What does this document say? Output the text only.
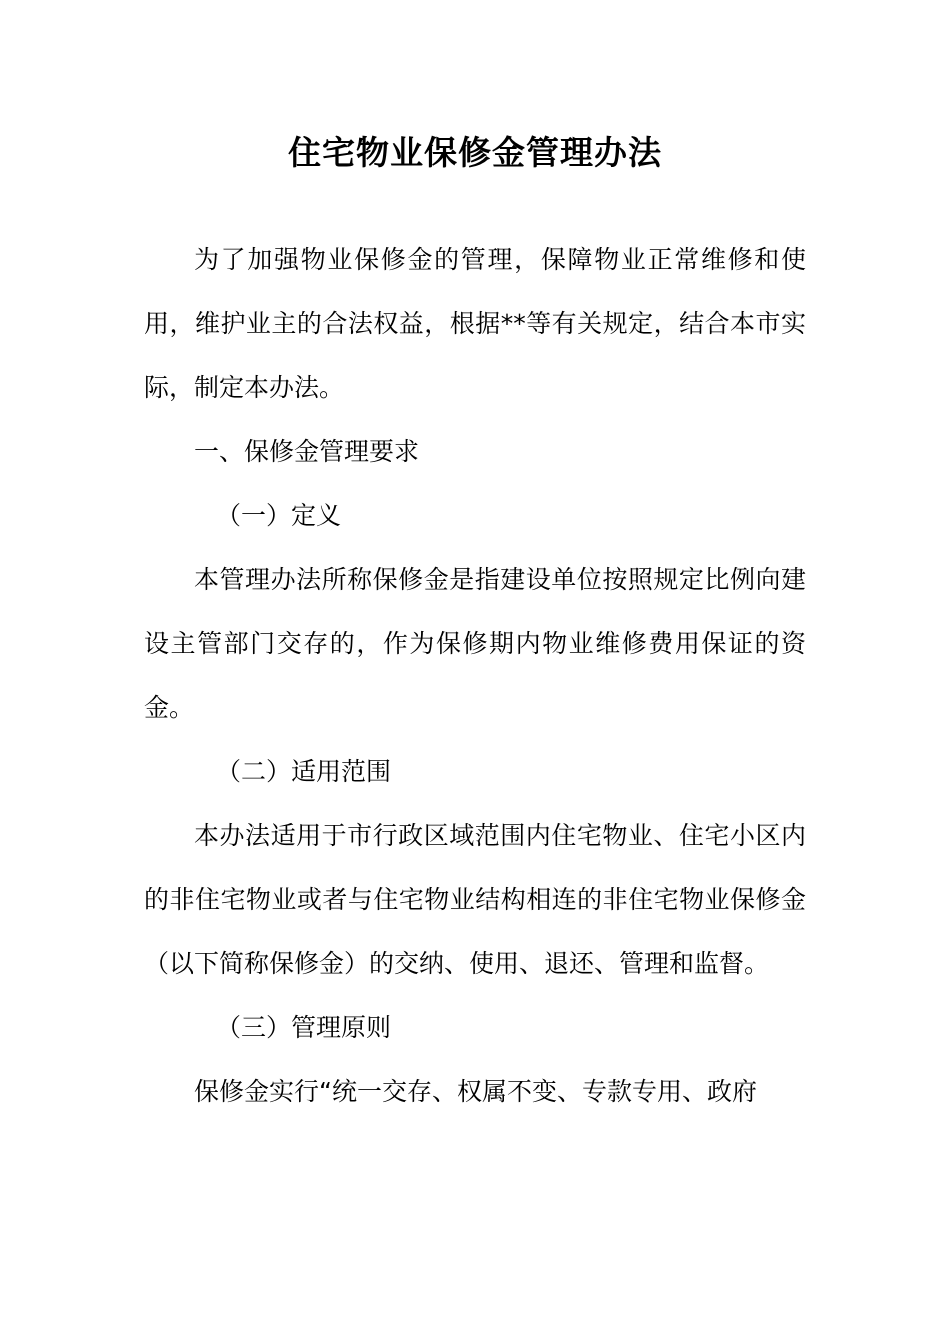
住宅物业保修金管理办法

为了加强物业保修金的管理，保障物业正常维修和使用，维护业主的合法权益，根据**等有关规定，结合本市实际，制定本办法。

一、保修金管理要求

（一）定义

本管理办法所称保修金是指建设单位按照规定比例向建设主管部门交存的，作为保修期内物业维修费用保证的资金。

（二）适用范围

本办法适用于市行政区域范围内住宅物业、住宅小区内的非住宅物业或者与住宅物业结构相连的非住宅物业保修金（以下简称保修金）的交纳、使用、退还、管理和监督。

（三）管理原则

保修金实行“统一交存、权属不变、专款专用、政府
